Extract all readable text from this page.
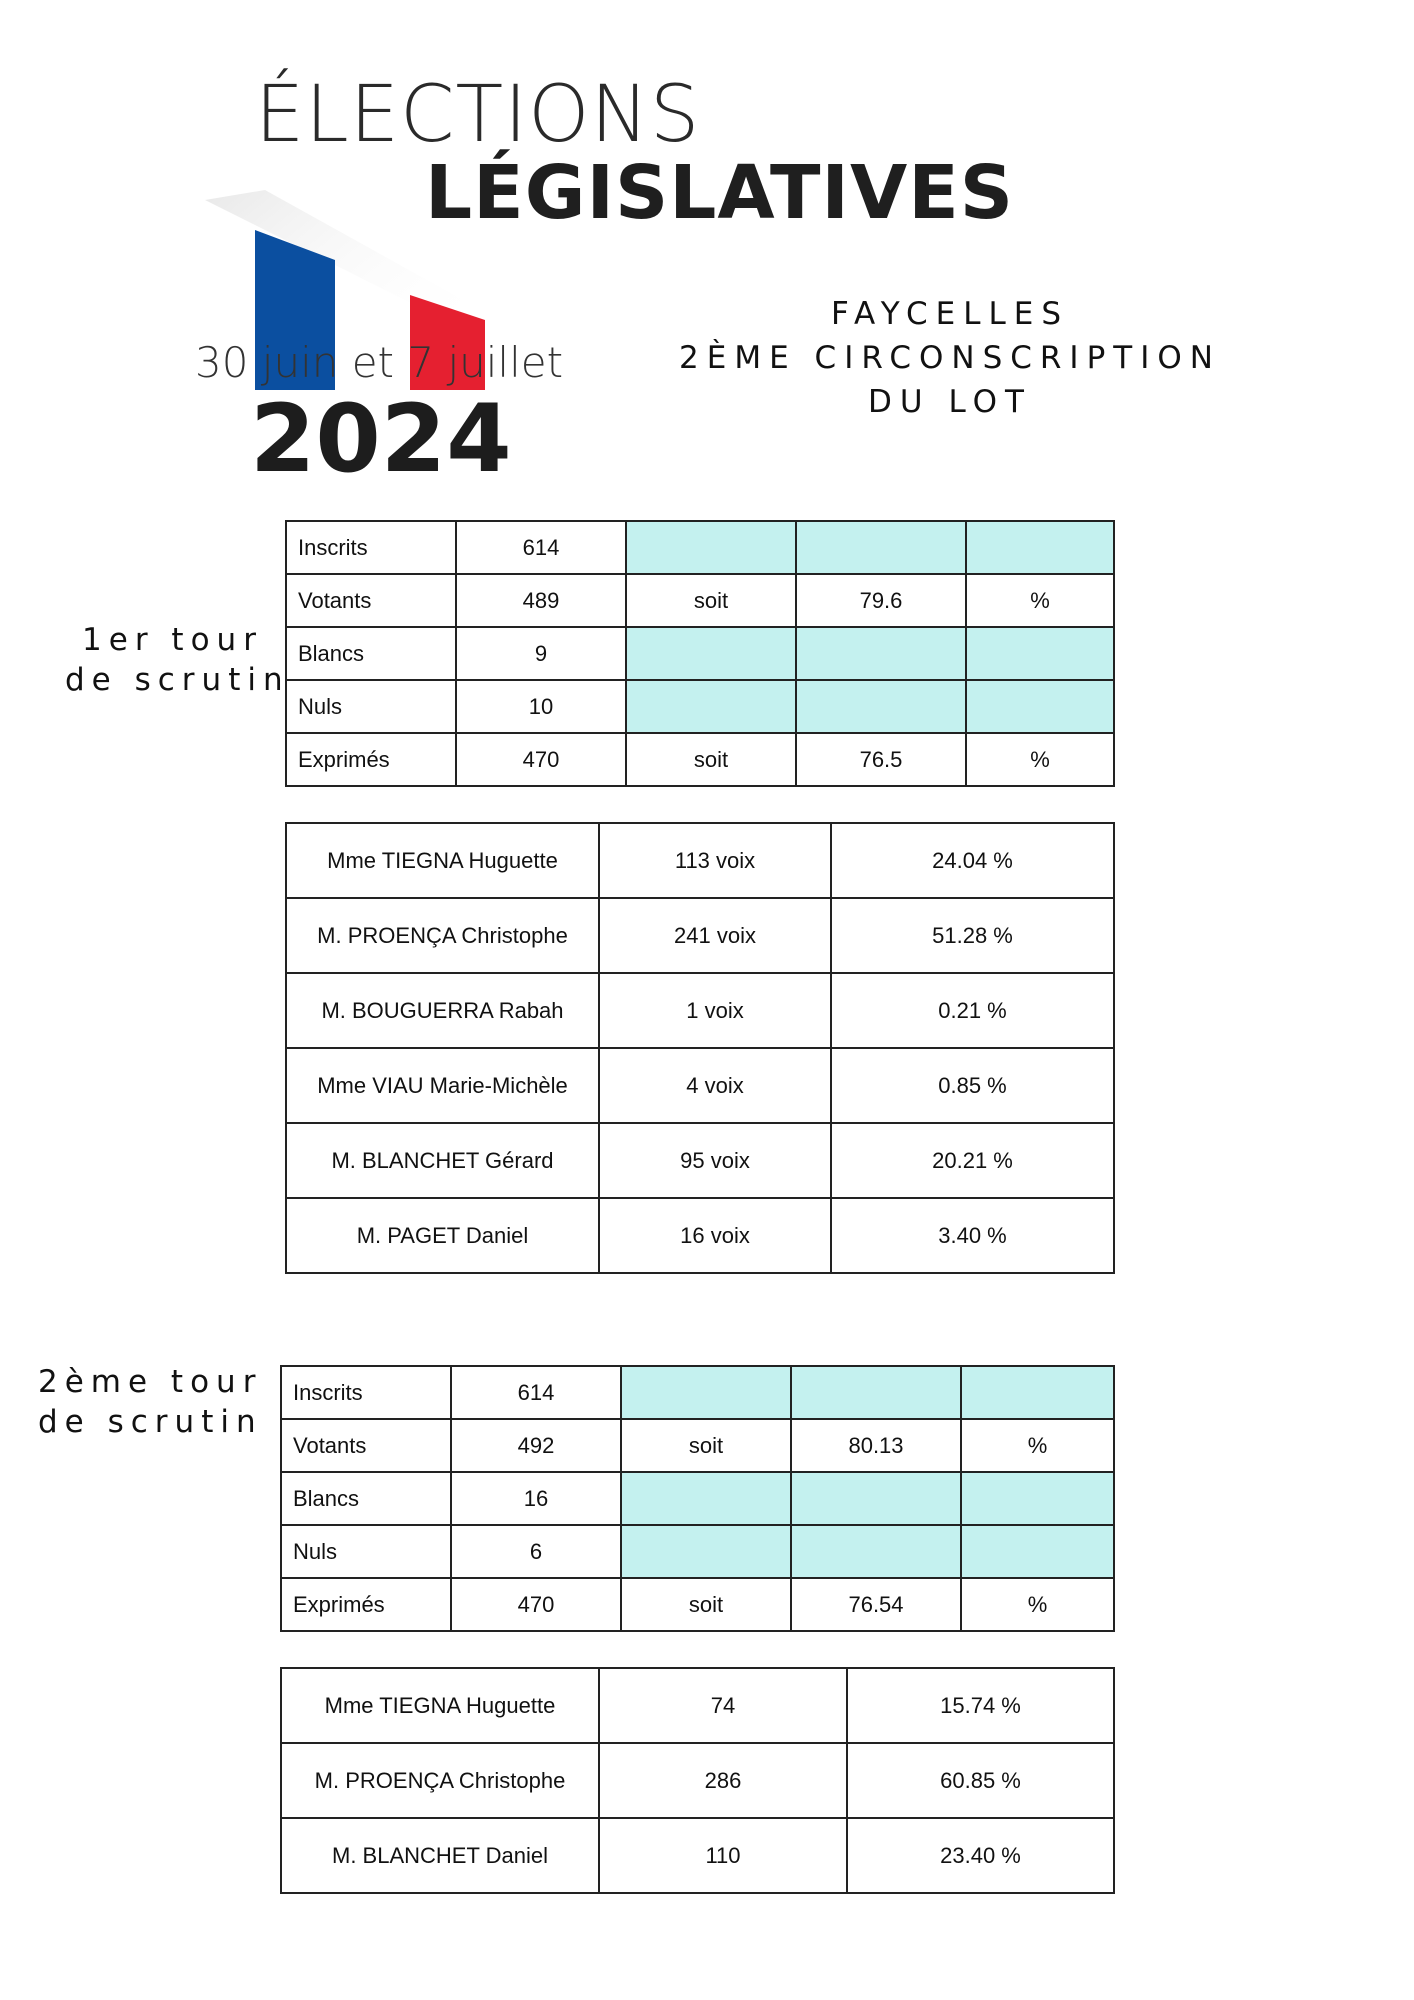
ÉLECTIONS
LÉGISLATIVES
30 juin et 7 juillet
2024
FAYCELLES
2ÈME CIRCONSCRIPTION
DU LOT
1er tour
de scrutin
Inscrits	614			
Votants	489	soit	79.6	%
Blancs	9			
Nuls	10			
Exprimés	470	soit	76.5	%
Mme TIEGNA Huguette	113 voix	24.04 %
M. PROENÇA Christophe	241 voix	51.28 %
M. BOUGUERRA Rabah	1 voix	0.21 %
Mme VIAU Marie-Michèle	4 voix	0.85 %
M. BLANCHET Gérard	95 voix	20.21 %
M. PAGET Daniel	16 voix	3.40 %
2ème tour
de scrutin
Inscrits	614			
Votants	492	soit	80.13	%
Blancs	16			
Nuls	6			
Exprimés	470	soit	76.54	%
Mme TIEGNA Huguette	74	15.74 %
M. PROENÇA Christophe	286	60.85 %
M. BLANCHET Daniel	110	23.40 %
